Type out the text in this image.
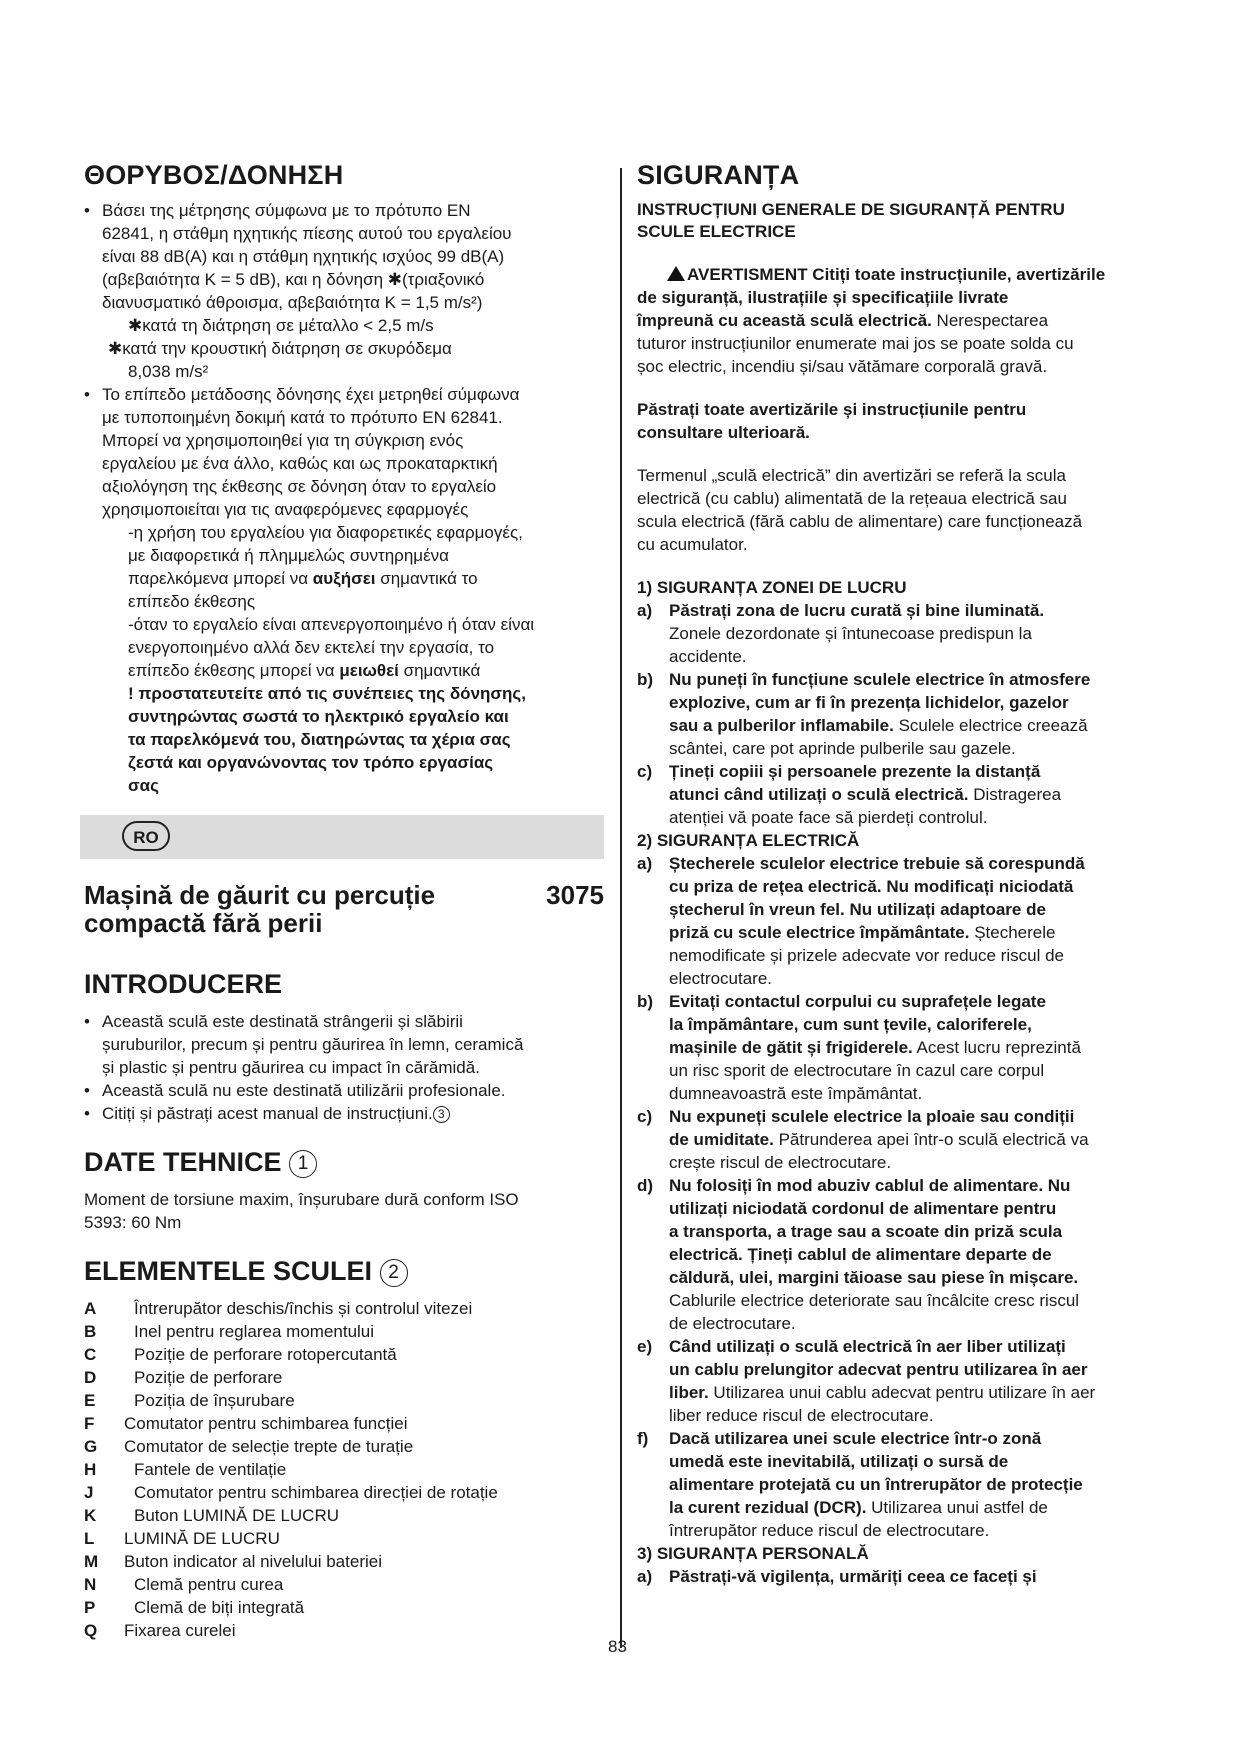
ΘΟΡΥΒΟΣ/ΔΟΝΗΣΗ
• Βάσει της μέτρησης σύμφωνα με το πρότυπο EN
62841, η στάθμη ηχητικής πίεσης αυτού του εργαλείου
είναι 88 dB(A) και η στάθμη ηχητικής ισχύος 99 dB(A)
(αβεβαιότητα K = 5 dB), και η δόνηση ✱(τριαξονικό
διανυσματικό άθροισμα, αβεβαιότητα K = 1,5 m/s²)
✱κατά τη διάτρηση σε μέταλλο < 2,5 m/s
✱κατά την κρουστική διάτρηση σε σκυρόδεμα
8,038 m/s²
• Το επίπεδο μετάδοσης δόνησης έχει μετρηθεί σύμφωνα
με τυποποιημένη δοκιμή κατά το πρότυπο EN 62841.
Μπορεί να χρησιμοποιηθεί για τη σύγκριση ενός
εργαλείου με ένα άλλο, καθώς και ως προκαταρκτική
αξιολόγηση της έκθεσης σε δόνηση όταν το εργαλείο
χρησιμοποιείται για τις αναφερόμενες εφαρμογές
-η χρήση του εργαλείου για διαφορετικές εφαρμογές,
με διαφορετικά ή πλημμελώς συντηρημένα
παρελκόμενα μπορεί να αυξήσει σημαντικά το
επίπεδο έκθεσης
-όταν το εργαλείο είναι απενεργοποιημένο ή όταν είναι
ενεργοποιημένο αλλά δεν εκτελεί την εργασία, το
επίπεδο έκθεσης μπορεί να μειωθεί σημαντικά
! προστατευτείτε από τις συνέπειες της δόνησης,
συντηρώντας σωστά το ηλεκτρικό εργαλείο και
τα παρελκόμενά του, διατηρώντας τα χέρια σας
ζεστά και οργανώνοντας τον τρόπο εργασίας
σας
RO
Mașină de găurit cu percuție
compactă fără perii
3075
INTRODUCERE
• Această sculă este destinată strângerii și slăbirii
șuruburilor, precum și pentru găurirea în lemn, ceramică
și plastic și pentru găurirea cu impact în cărămidă.
• Această sculă nu este destinată utilizării profesionale.
• Citiți și păstrați acest manual de instrucțiuni. 3
DATE TEHNICE 1
Moment de torsiune maxim, înșurubare dură conform ISO
5393: 60 Nm
ELEMENTELE SCULEI 2
A	Întrerupător deschis/închis și controlul vitezei
B	Inel pentru reglarea momentului
C	Poziție de perforare rotopercutantă
D	Poziție de perforare
E	Poziția de înșurubare
F	Comutator pentru schimbarea funcției
G	Comutator de selecție trepte de turație
H	Fantele de ventilație
J	Comutator pentru schimbarea direcției de rotație
K	Buton LUMINĂ DE LUCRU
L	LUMINĂ DE LUCRU
M	Buton indicator al nivelului bateriei
N	Clemă pentru curea
P	Clemă de biți integrată
Q	Fixarea curelei
SIGURANȚA
INSTRUCȚIUNI GENERALE DE SIGURANȚĂ PENTRU
SCULE ELECTRICE
AVERTISMENT Citiți toate instrucțiunile, avertizările
de siguranță, ilustrațiile și specificațiile livrate
împreună cu această sculă electrică. Nerespectarea
tuturor instrucțiunilor enumerate mai jos se poate solda cu
șoc electric, incendiu și/sau vătămare corporală gravă.
Păstrați toate avertizările și instrucțiunile pentru
consultare ulterioară.
Termenul „sculă electrică” din avertizări se referă la scula
electrică (cu cablu) alimentată de la rețeaua electrică sau
scula electrică (fără cablu de alimentare) care funcționează
cu acumulator.
1) SIGURANȚA ZONEI DE LUCRU
a) Păstrați zona de lucru curată și bine iluminată.
Zonele dezordonate și întunecoase predispun la
accidente.
b) Nu puneți în funcțiune sculele electrice în atmosfere
explozive, cum ar fi în prezența lichidelor, gazelor
sau a pulberilor inflamabile. Sculele electrice creează
scântei, care pot aprinde pulberile sau gazele.
c) Țineți copiii și persoanele prezente la distanță
atunci când utilizați o sculă electrică. Distragerea
atenției vă poate face să pierdeți controlul.
2) SIGURANȚA ELECTRICĂ
a) Ștecherele sculelor electrice trebuie să corespundă
cu priza de rețea electrică. Nu modificați niciodată
ștecherul în vreun fel. Nu utilizați adaptoare de
priză cu scule electrice împământate. Ștecherele
nemodificate și prizele adecvate vor reduce riscul de
electrocutare.
b) Evitați contactul corpului cu suprafețele legate
la împământare, cum sunt țevile, caloriferele,
mașinile de gătit și frigiderele. Acest lucru reprezintă
un risc sporit de electrocutare în cazul care corpul
dumneavoastră este împământat.
c) Nu expuneți sculele electrice la ploaie sau condiții
de umiditate. Pătrunderea apei într-o sculă electrică va
crește riscul de electrocutare.
d) Nu folosiți în mod abuziv cablul de alimentare. Nu
utilizați niciodată cordonul de alimentare pentru
a transporta, a trage sau a scoate din priză scula
electrică. Țineți cablul de alimentare departe de
căldură, ulei, margini tăioase sau piese în mișcare.
Cablurile electrice deteriorate sau încâlcite cresc riscul
de electrocutare.
e) Când utilizați o sculă electrică în aer liber utilizați
un cablu prelungitor adecvat pentru utilizarea în aer
liber. Utilizarea unui cablu adecvat pentru utilizare în aer
liber reduce riscul de electrocutare.
f)	Dacă utilizarea unei scule electrice într-o zonă
umedă este inevitabilă, utilizați o sursă de
alimentare protejată cu un întrerupător de protecție
la curent rezidual (DCR). Utilizarea unui astfel de
întrerupător reduce riscul de electrocutare.
3) SIGURANȚA PERSONALĂ
a) Păstrați-vă vigilența, urmăriți ceea ce faceți și
83
